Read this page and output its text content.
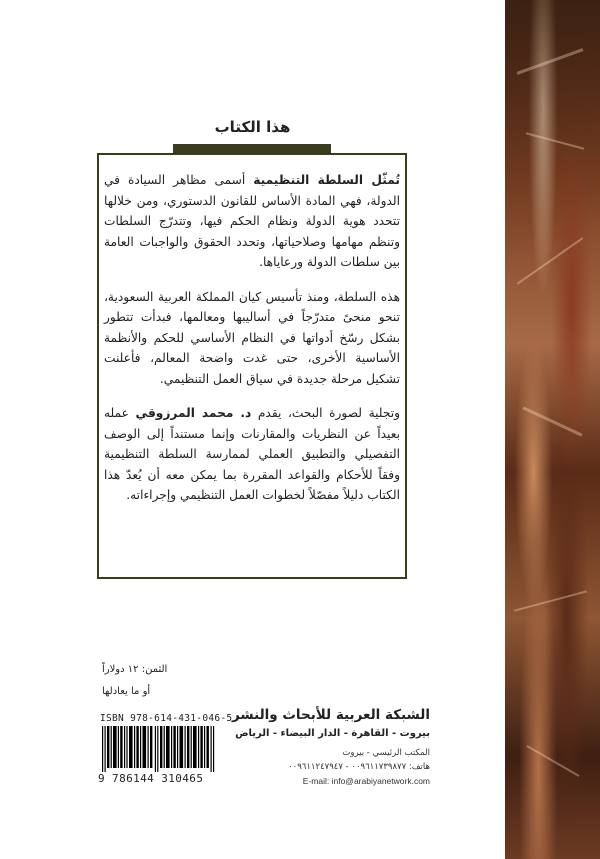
هذا الكتاب

تُمثّل السلطة التنظيمية أسمى مظاهر السيادة في الدولة، فهي المادة الأساس للقانون الدستوري، ومن خلالها تتحدد هوية الدولة ونظام الحكم فيها، وتتدرّج السلطات وتنظم مهامها وصلاحياتها، وتحدد الحقوق والواجبات العامة بين سلطات الدولة ورعاياها.

هذه السلطة، ومنذ تأسيس كيان المملكة العربية السعودية، تنحو منحىً متدرّجاً في أساليبها ومعالمها، فبدأت تتطور بشكل رسّخ أدواتها في النظام الأساسي للحكم والأنظمة الأساسية الأخرى، حتى غدت واضحة المعالم، فأعلنت تشكيل مرحلة جديدة في سياق العمل التنظيمي.

وتجلية لصورة البحث، يقدم د. محمد المرزوقي عمله بعيداً عن النظريات والمقارنات وإنما مستنداً إلى الوصف التفصيلي والتطبيق العملي لممارسة السلطة التنظيمية وفقاً للأحكام والقواعد المقررة بما يمكن معه أن يُعدّ هذا الكتاب دليلاً مفصّلاً لخطوات العمل التنظيمي وإجراءاته.

الثمن: ١٢ دولاراً
أو ما يعادلها
ISBN 978-614-431-046-5
9 786144 310465
الشبكة العربية للأبحاث والنشر
بيروت - القاهرة - الدار البيضاء - الرياض
المكتب الرئيسي - بيروت
هاتف: ٠٠٩٦١١٧٣٩٨٧٧ - ٠٠٩٦١١٢٤٧٩٤٧
E-mail: info@arabiyanetwork.com
